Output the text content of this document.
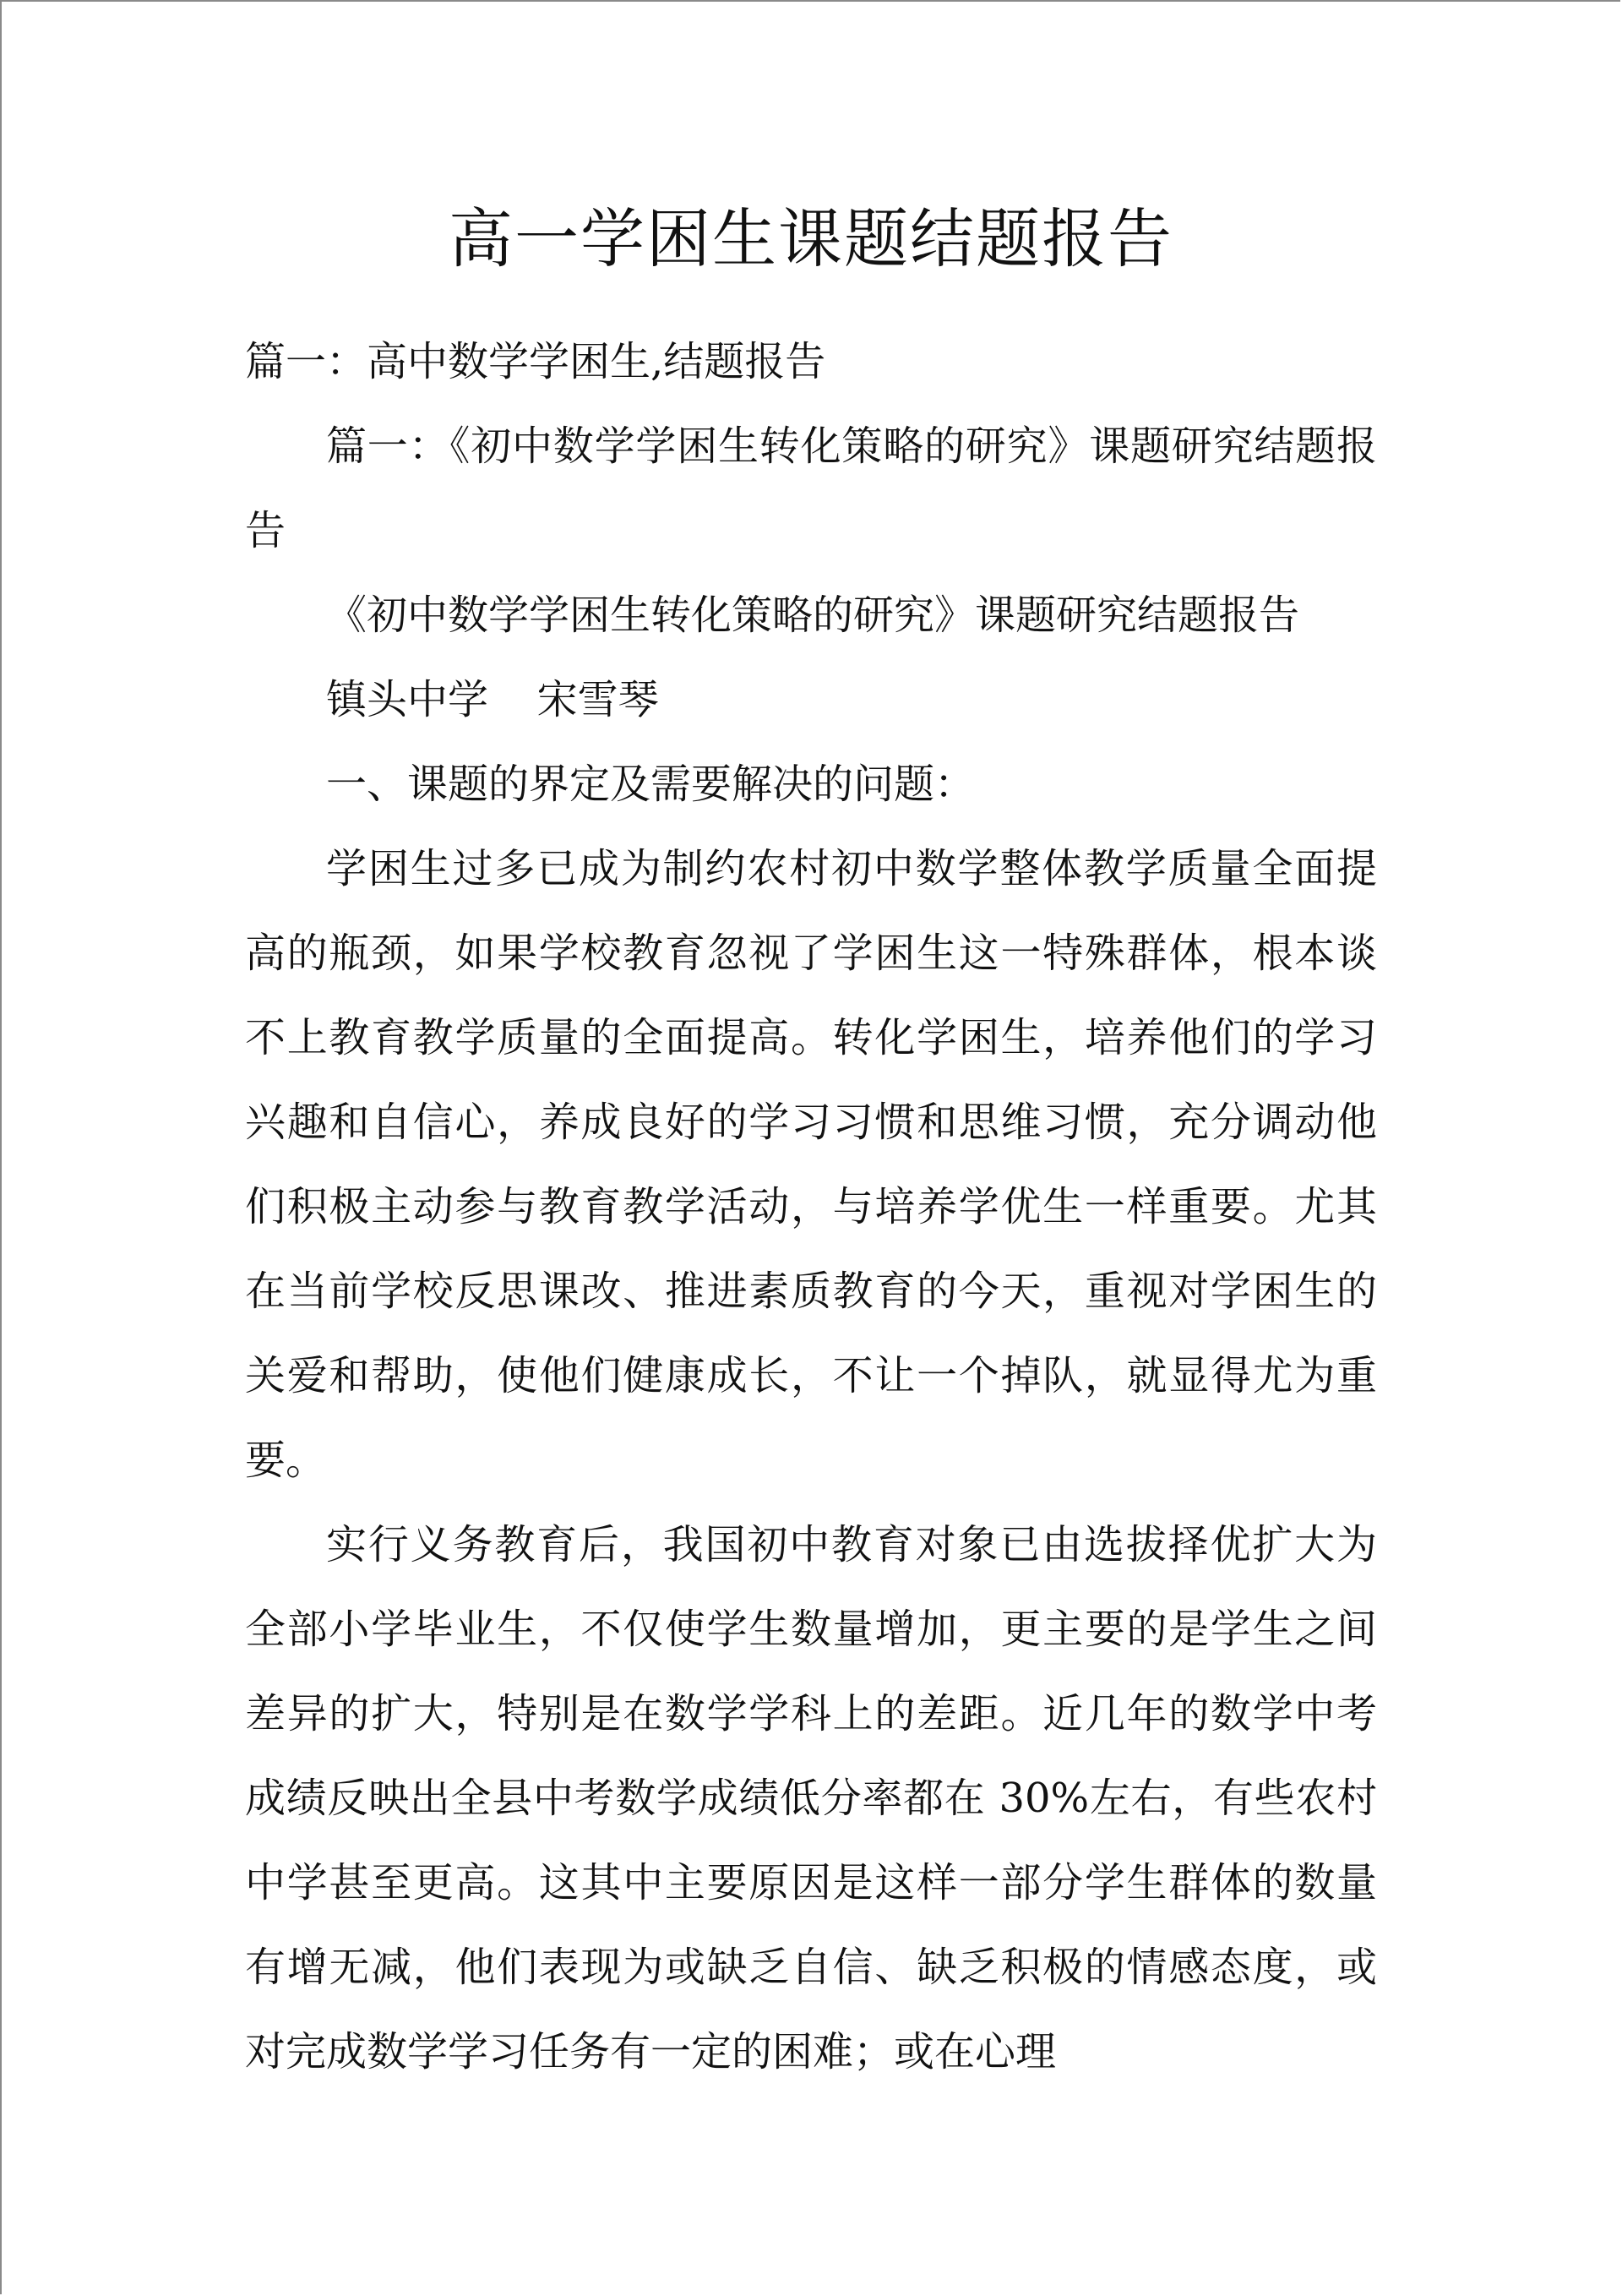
高一学困生课题结题报告

篇一：高中数学学困生,结题报告

篇一：《初中数学学困生转化策略的研究》课题研究结题报告

《初中数学学困生转化策略的研究》课题研究结题报告

镇头中学 宋雪琴

一、课题的界定及需要解决的问题：

学困生过多已成为制约农村初中数学整体教学质量全面提高的瓶颈，如果学校教育忽视了学困生这一特殊群体，根本谈不上教育教学质量的全面提高。转化学困生，培养他们的学习兴趣和自信心，养成良好的学习习惯和思维习惯，充分调动他们积极主动参与教育教学活动，与培养学优生一样重要。尤其在当前学校反思课改、推进素质教育的今天，重视对学困生的关爱和帮助，使他们健康成长，不让一个掉队，就显得尤为重要。

实行义务教育后，我国初中教育对象已由选拔择优扩大为全部小学毕业生，不仅使学生数量增加，更主要的是学生之间差异的扩大，特别是在数学学科上的差距。近几年的数学中考成绩反映出全县中考数学成绩低分率都在 30%左右，有些农村中学甚至更高。这其中主要原因是这样一部分学生群体的数量有增无减，他们表现为或缺乏自信、缺乏积极的情感态度，或对完成数学学习任务有一定的困难；或在心理
